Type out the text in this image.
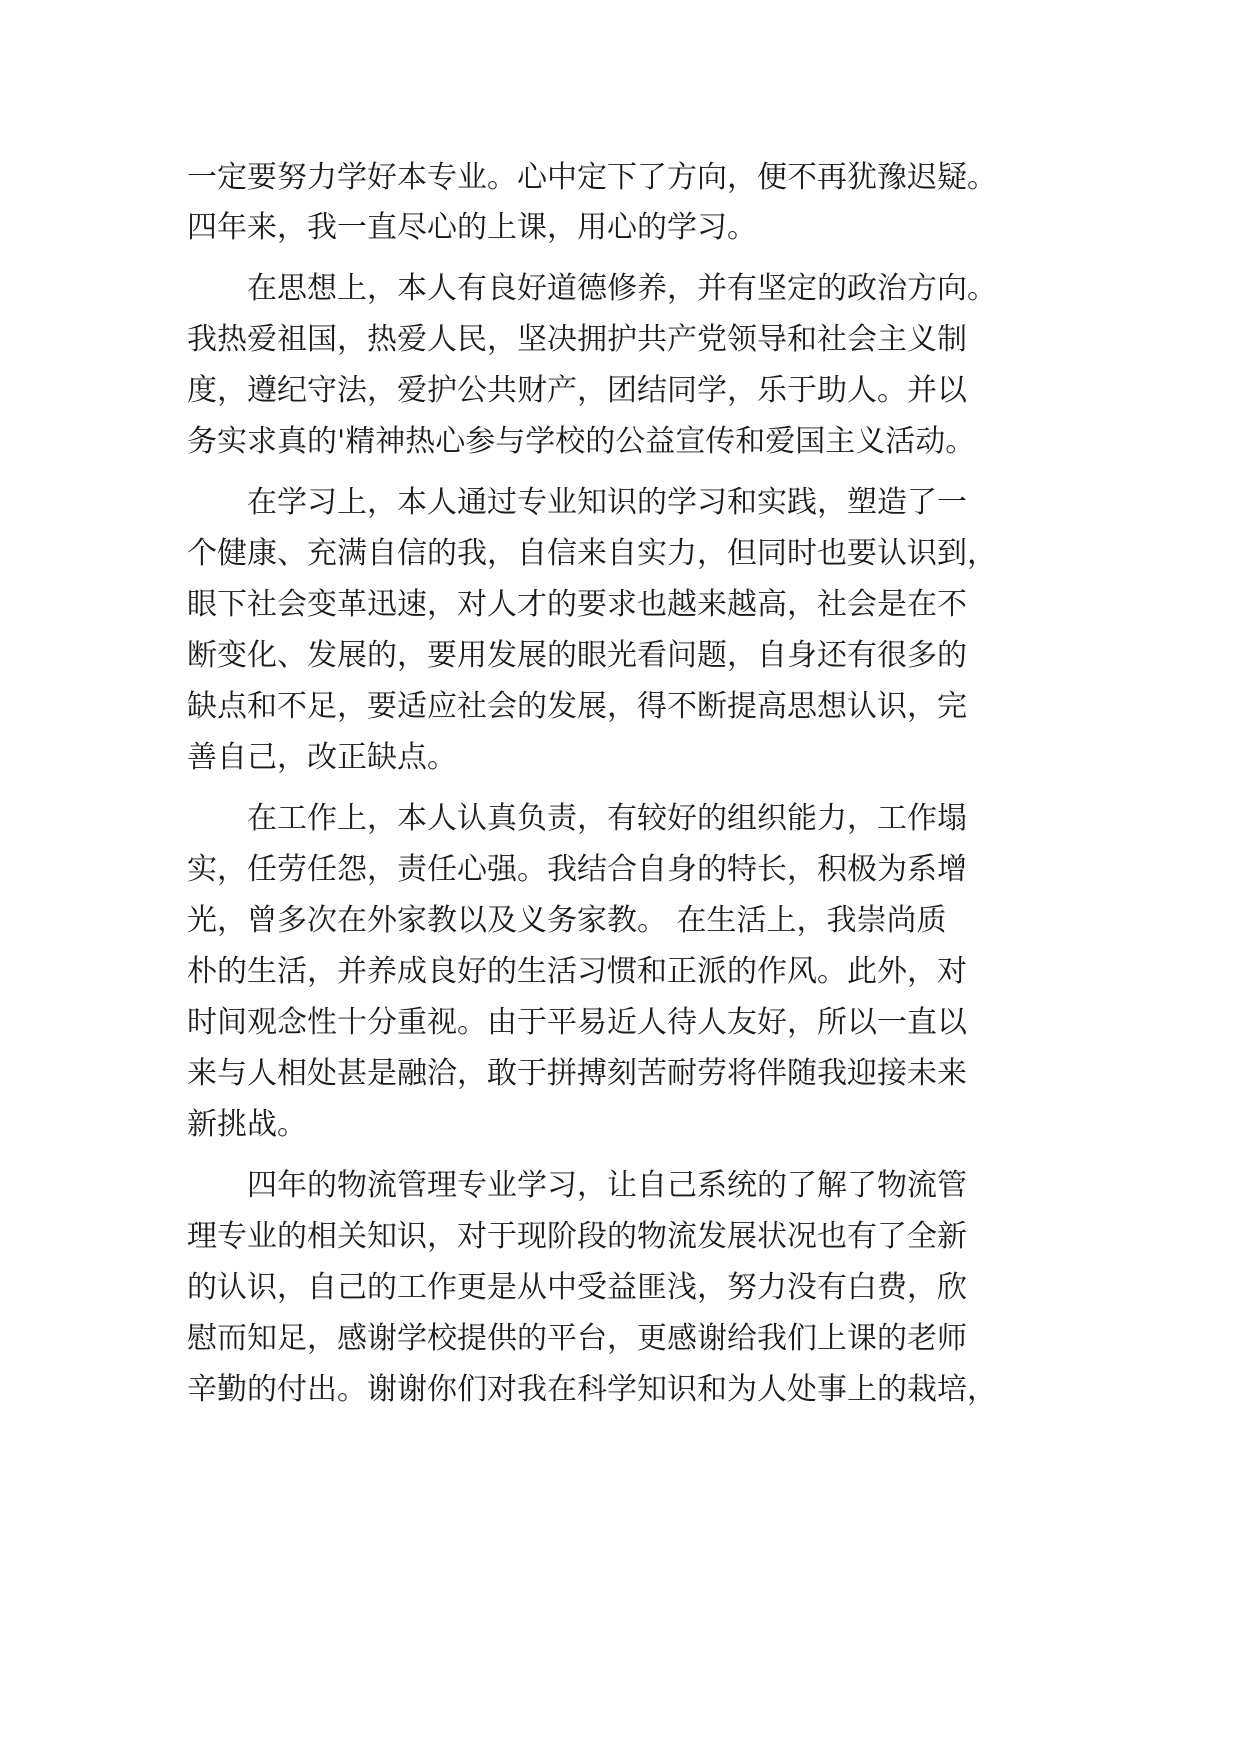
一定要努力学好本专业。心中定下了方向，便不再犹豫迟疑。
四年来，我一直尽心的上课，用心的学习。
在思想上，本人有良好道德修养，并有坚定的政治方向。
我热爱祖国，热爱人民，坚决拥护共产党领导和社会主义制
度，遵纪守法，爱护公共财产，团结同学，乐于助人。并以
务实求真的'精神热心参与学校的公益宣传和爱国主义活动。
在学习上，本人通过专业知识的学习和实践，塑造了一
个健康、充满自信的我，自信来自实力，但同时也要认识到，
眼下社会变革迅速，对人才的要求也越来越高，社会是在不
断变化、发展的，要用发展的眼光看问题，自身还有很多的
缺点和不足，要适应社会的发展，得不断提高思想认识，完
善自己，改正缺点。
在工作上，本人认真负责，有较好的组织能力，工作塌
实，任劳任怨，责任心强。我结合自身的特长，积极为系增
光，曾多次在外家教以及义务家教。 在生活上，我崇尚质
朴的生活，并养成良好的生活习惯和正派的作风。此外，对
时间观念性十分重视。由于平易近人待人友好，所以一直以
来与人相处甚是融洽，敢于拼搏刻苦耐劳将伴随我迎接未来
新挑战。
四年的物流管理专业学习，让自己系统的了解了物流管
理专业的相关知识，对于现阶段的物流发展状况也有了全新
的认识，自己的工作更是从中受益匪浅，努力没有白费，欣
慰而知足，感谢学校提供的平台，更感谢给我们上课的老师
辛勤的付出。谢谢你们对我在科学知识和为人处事上的栽培，
